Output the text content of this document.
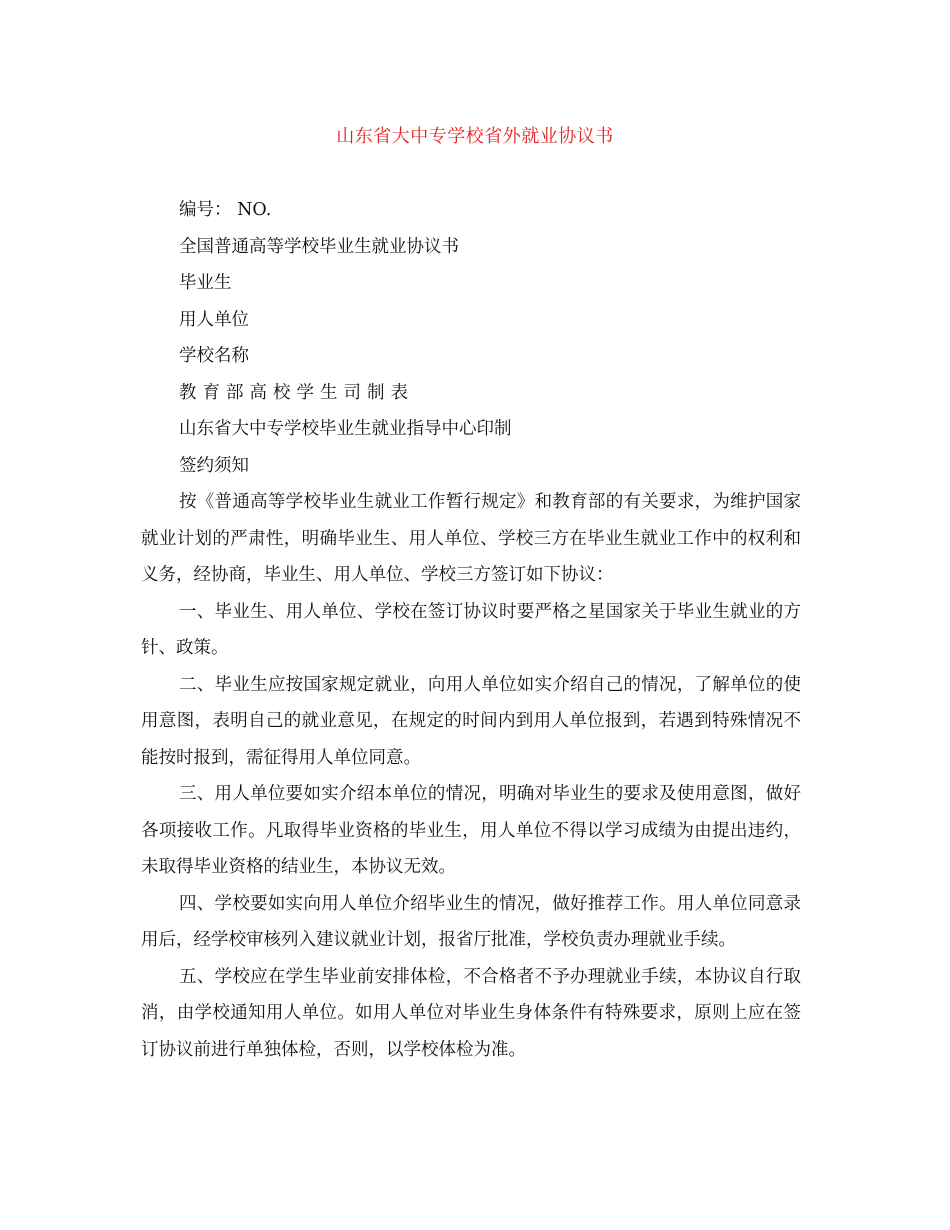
山东省大中专学校省外就业协议书

编号： NO.

全国普通高等学校毕业生就业协议书

毕业生

用人单位

学校名称

教育部高校学生司制表

山东省大中专学校毕业生就业指导中心印制

签约须知

按《普通高等学校毕业生就业工作暂行规定》和教育部的有关要求，为维护国家就业计划的严肃性，明确毕业生、用人单位、学校三方在毕业生就业工作中的权利和义务，经协商，毕业生、用人单位、学校三方签订如下协议：

一、毕业生、用人单位、学校在签订协议时要严格之星国家关于毕业生就业的方针、政策。

二、毕业生应按国家规定就业，向用人单位如实介绍自己的情况，了解单位的使用意图，表明自己的就业意见，在规定的时间内到用人单位报到，若遇到特殊情况不能按时报到，需征得用人单位同意。

三、用人单位要如实介绍本单位的情况，明确对毕业生的要求及使用意图，做好各项接收工作。凡取得毕业资格的毕业生，用人单位不得以学习成绩为由提出违约，未取得毕业资格的结业生，本协议无效。

四、学校要如实向用人单位介绍毕业生的情况，做好推荐工作。用人单位同意录用后，经学校审核列入建议就业计划，报省厅批准，学校负责办理就业手续。

五、学校应在学生毕业前安排体检，不合格者不予办理就业手续，本协议自行取消，由学校通知用人单位。如用人单位对毕业生身体条件有特殊要求，原则上应在签订协议前进行单独体检，否则，以学校体检为准。
